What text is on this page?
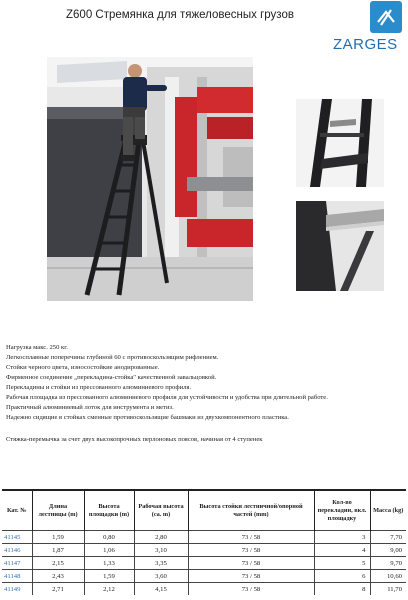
Z600 Стремянка для тяжеловесных грузов
ZARGES
Нагрузка макс. 250 кг.
Легкосплавные поперечины глубиной 60 с противоскользящим рифлением.
Стойки черного цвета, износостойкие анодированные.
Фирменное соединение „перекладина-стойка" качественной завальцовкой.
Перекладины и стойки из прессованного алюминиевого профиля.
Рабочая площадка из прессованного алюминиевого профиля для устойчивости и удобства при длительной работе.
Практичный алюминиевый лоток для инструмента и метиз.
Надежно сидящие в стойках сменные противоскользящие башмаки из двухкомпонентного пластика.
Стяжка-перемычка за счет двух высокопрочных перлоновых поясов, начиная от 4 ступенек
Кат. №	Длина лестницы (m)	Высота площадки (m)	Рабочая высота (ca. m)	Высота стойки лестничной/опорной частей (mm)	Кол-во перекладин, вкл. площадку	Масса (kg)
41145	1,59	0,80	2,80	73 / 58	3	7,70
41146	1,87	1,06	3,10	73 / 58	4	9,00
41147	2,15	1,33	3,35	73 / 58	5	9,70
41148	2,43	1,59	3,60	73 / 58	6	10,60
41149	2,71	2,12	4,15	73 / 58	8	11,70
